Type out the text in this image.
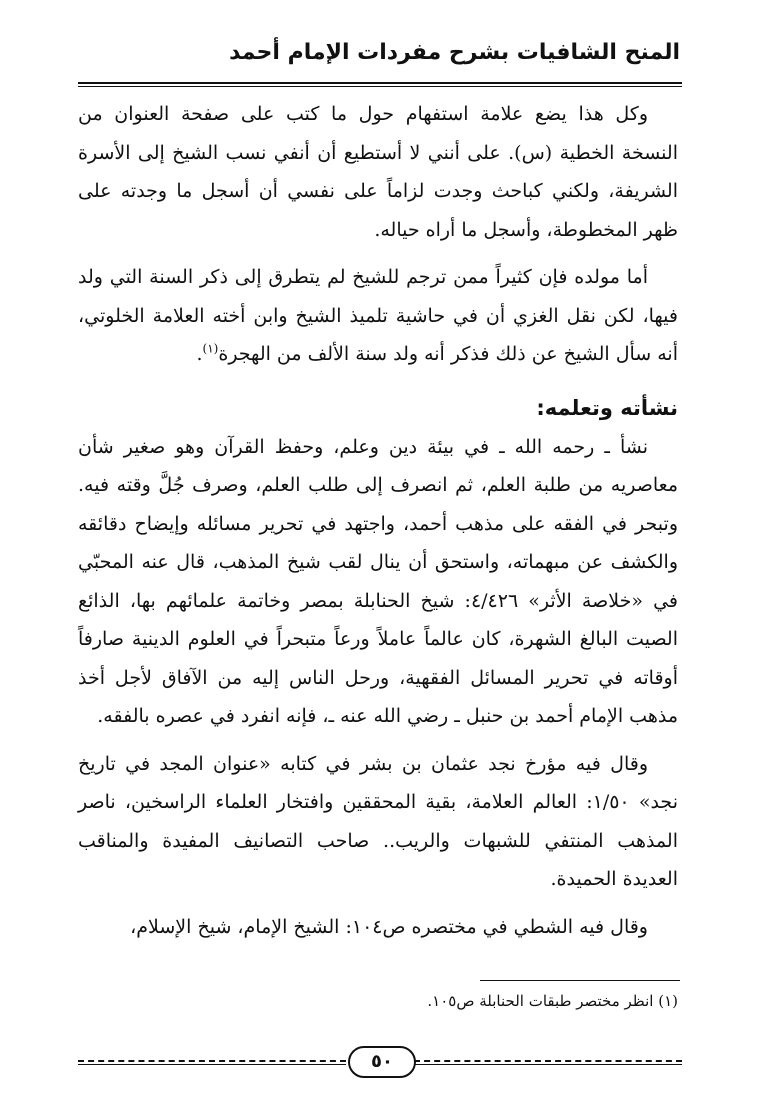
المنح الشافيات بشرح مفردات الإمام أحمد

وكل هذا يضع علامة استفهام حول ما كتب على صفحة العنوان من النسخة الخطية (س). على أنني لا أستطيع أن أنفي نسب الشيخ إلى الأسرة الشريفة، ولكني كباحث وجدت لزاماً على نفسي أن أسجل ما وجدته على ظهر المخطوطة، وأسجل ما أراه حياله.

أما مولده فإن كثيراً ممن ترجم للشيخ لم يتطرق إلى ذكر السنة التي ولد فيها، لكن نقل الغزي أن في حاشية تلميذ الشيخ وابن أخته العلامة الخلوتي، أنه سأل الشيخ عن ذلك فذكر أنه ولد سنة الألف من الهجرة$^{(١)}$.

نشأته وتعلمه:

نشأ ـ رحمه الله ـ في بيئة دين وعلم، وحفظ القرآن وهو صغير شأن معاصريه من طلبة العلم، ثم انصرف إلى طلب العلم، وصرف جُلَّ وقته فيه. وتبحر في الفقه على مذهب أحمد، واجتهد في تحرير مسائله وإيضاح دقائقه والكشف عن مبهماته، واستحق أن ينال لقب شيخ المذهب، قال عنه المحبّي في «خلاصة الأثر» ٤/٤٢٦: شيخ الحنابلة بمصر وخاتمة علمائهم بها، الذائع الصيت البالغ الشهرة، كان عالماً عاملاً ورعاً متبحراً في العلوم الدينية صارفاً أوقاته في تحرير المسائل الفقهية، ورحل الناس إليه من الآفاق لأجل أخذ مذهب الإمام أحمد بن حنبل ـ رضي الله عنه ـ، فإنه انفرد في عصره بالفقه.

وقال فيه مؤرخ نجد عثمان بن بشر في كتابه «عنوان المجد في تاريخ نجد» ١/٥٠: العالم العلامة، بقية المحققين وافتخار العلماء الراسخين، ناصر المذهب المنتفي للشبهات والريب.. صاحب التصانيف المفيدة والمناقب العديدة الحميدة.

وقال فيه الشطي في مختصره ص١٠٤: الشيخ الإمام، شيخ الإسلام،

(١) انظر مختصر طبقات الحنابلة ص١٠٥.
٥٠
